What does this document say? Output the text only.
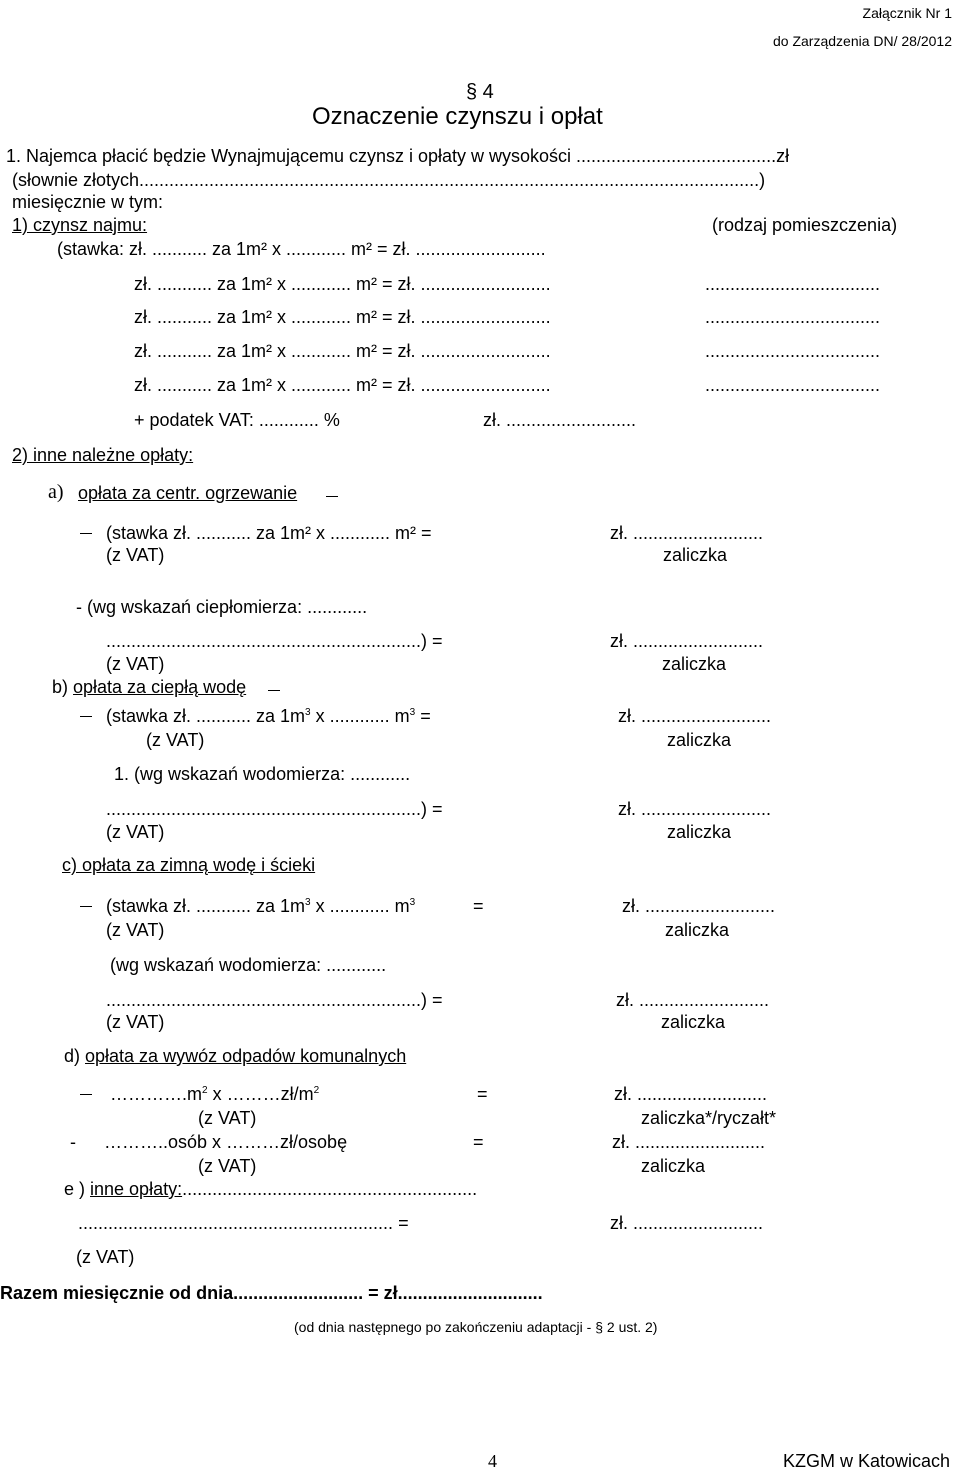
Załącznik Nr 1
do Zarządzenia DN/ 28/2012
§ 4
Oznaczenie czynszu i opłat
1. Najemca płacić będzie Wynajmującemu czynsz i opłaty w wysokości ........................................zł
(słownie złotych............................................................................................................................)
miesięcznie w tym:
1) czynsz najmu:	(rodzaj pomieszczenia)
(stawka: zł. ........... za 1m² x ............ m² = zł. ..........................
zł. ........... za 1m² x ............ m² = zł. ..........................	...................................
zł. ........... za 1m² x ............ m² = zł. ..........................	...................................
zł. ........... za 1m² x ............ m² = zł. ..........................	...................................
zł. ........... za 1m² x ............ m² = zł. ..........................	...................................
+ podatek VAT: ............ %	zł. ..........................
2) inne należne opłaty:
a) opłata za centr. ogrzewanie
(stawka zł. ........... za 1m² x ............ m² =	zł. ..........................
(z VAT)	zaliczka
- (wg wskazań ciepłomierza: ............
...............................................................) =	zł. ..........................
(z VAT)	zaliczka
b) opłata za ciepłą wodę
(stawka zł. ........... za $1m^3$ x ............ $m^3$ =	zł. ..........................
(z VAT)	zaliczka
1. (wg wskazań wodomierza: ............
...............................................................) =	zł. ..........................
(z VAT)	zaliczka
c) opłata za zimną wodę i ścieki
(stawka zł. ........... za $1m^3$ x ............ $m^3$	=	zł. ..........................
(z VAT)	zaliczka
(wg wskazań wodomierza: ............
...............................................................) =	zł. ..........................
(z VAT)	zaliczka
d) opłata za wywóz odpadów komunalnych
$\dots\dots\dots\dots.m^2$ x $\dots\dots\dots zł/m^2$	=	zł. ..........................
(z VAT)	zaliczka*/ryczałt*
- ………..osób x ………zł/osobę	=	zł. ..........................
(z VAT)	zaliczka
e ) inne opłaty:...........................................................
............................................................... =	zł. ..........................
(z VAT)
Razem miesięcznie od dnia.......................... = zł.............................
(od dnia następnego po zakończeniu adaptacji - § 2 ust. 2)
4	KZGM w Katowicach
